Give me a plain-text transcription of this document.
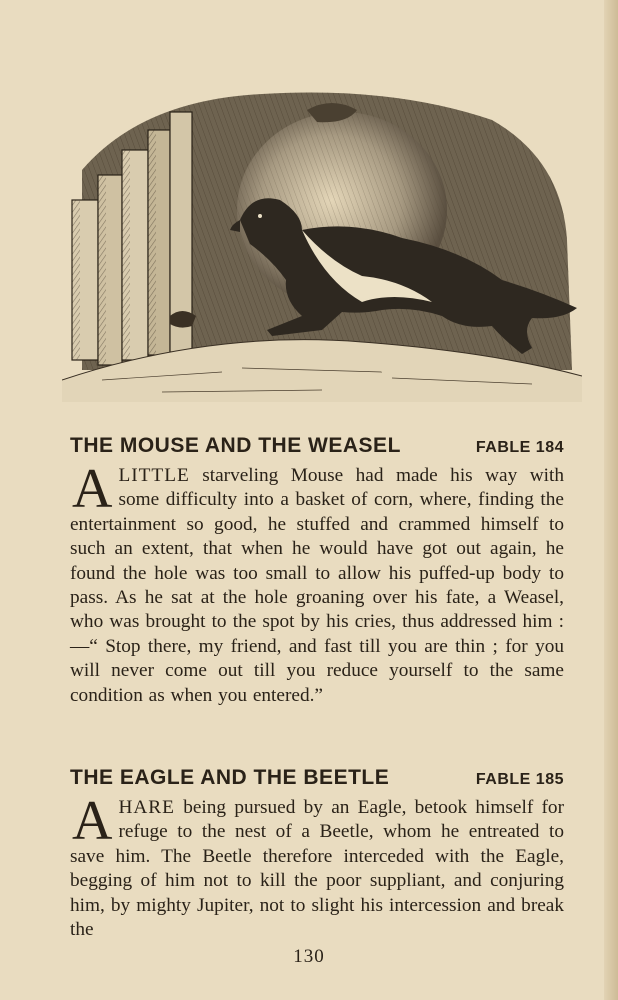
THE MOUSE AND THE WEASEL	FABLE 184

ALITTLE starveling Mouse had made his way with some difficulty into a basket of corn, where, finding the entertainment so good, he stuffed and crammed himself to such an extent, that when he would have got out again, he found the hole was too small to allow his puffed-up body to pass. As he sat at the hole groaning over his fate, a Weasel, who was brought to the spot by his cries, thus addressed him :—“ Stop there, my friend, and fast till you are thin ; for you will never come out till you reduce yourself to the same condition as when you entered.”

THE EAGLE AND THE BEETLE	FABLE 185

AHARE being pursued by an Eagle, betook himself for refuge to the nest of a Beetle, whom he entreated to save him. The Beetle therefore interceded with the Eagle, begging of him not to kill the poor suppliant, and conjuring him, by mighty Jupiter, not to slight his intercession and break the

130
